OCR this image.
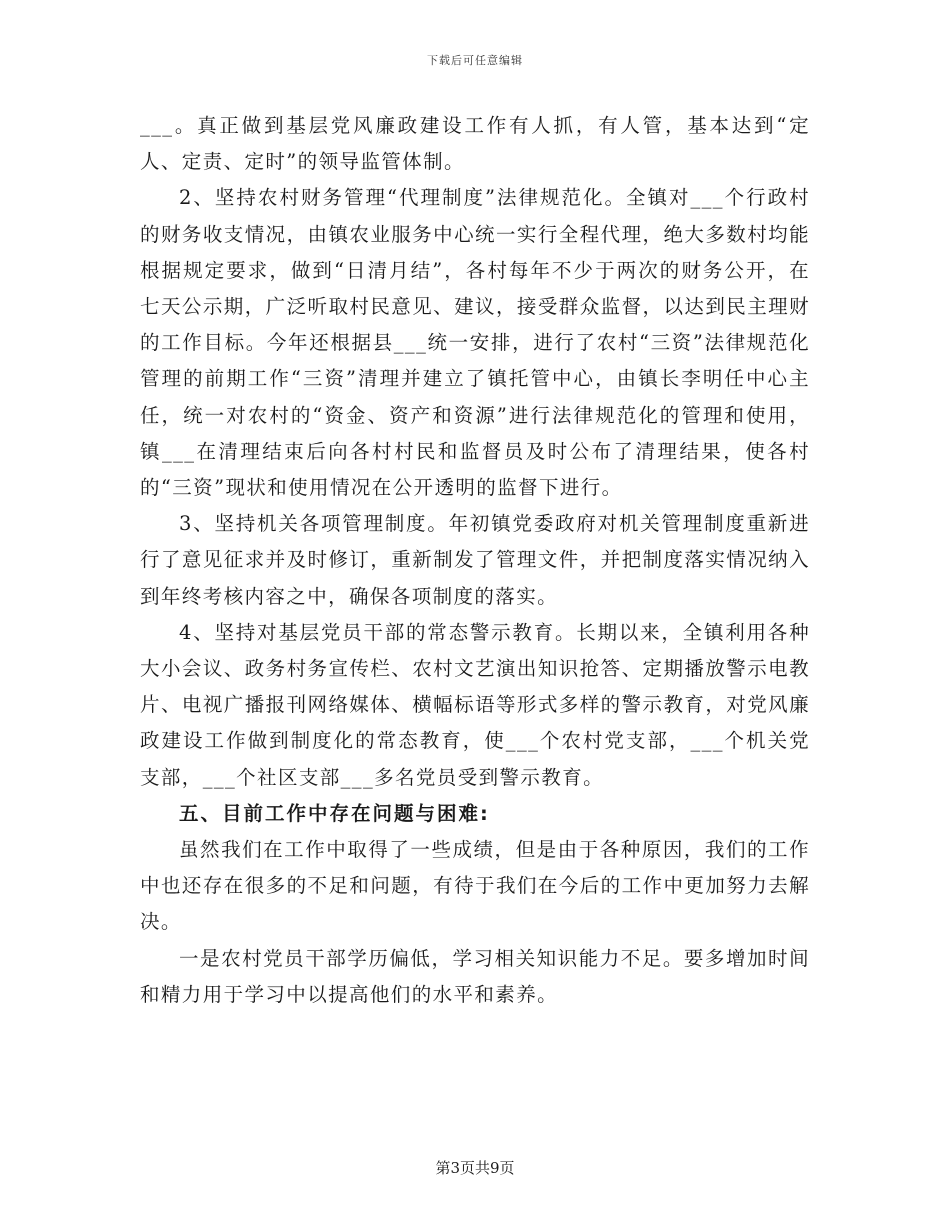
下载后可任意编辑

___。真正做到基层党风廉政建设工作有人抓，有人管，基本达到“定人、定责、定时”的领导监管体制。

2、坚持农村财务管理“代理制度”法律规范化。全镇对___个行政村的财务收支情况，由镇农业服务中心统一实行全程代理，绝大多数村均能根据规定要求，做到“日清月结”，各村每年不少于两次的财务公开，在七天公示期，广泛听取村民意见、建议，接受群众监督，以达到民主理财的工作目标。今年还根据县___统一安排，进行了农村“三资”法律规范化管理的前期工作“三资”清理并建立了镇托管中心，由镇长李明任中心主任，统一对农村的“资金、资产和资源”进行法律规范化的管理和使用，镇___在清理结束后向各村村民和监督员及时公布了清理结果，使各村的“三资”现状和使用情况在公开透明的监督下进行。

3、坚持机关各项管理制度。年初镇党委政府对机关管理制度重新进行了意见征求并及时修订，重新制发了管理文件，并把制度落实情况纳入到年终考核内容之中，确保各项制度的落实。

4、坚持对基层党员干部的常态警示教育。长期以来，全镇利用各种大小会议、政务村务宣传栏、农村文艺演出知识抢答、定期播放警示电教片、电视广播报刊网络媒体、横幅标语等形式多样的警示教育，对党风廉政建设工作做到制度化的常态教育，使___个农村党支部，___个机关党支部，___个社区支部___多名党员受到警示教育。

五、目前工作中存在问题与困难:

虽然我们在工作中取得了一些成绩，但是由于各种原因，我们的工作中也还存在很多的不足和问题，有待于我们在今后的工作中更加努力去解决。

一是农村党员干部学历偏低，学习相关知识能力不足。要多增加时间和精力用于学习中以提高他们的水平和素养。

第3页共9页
